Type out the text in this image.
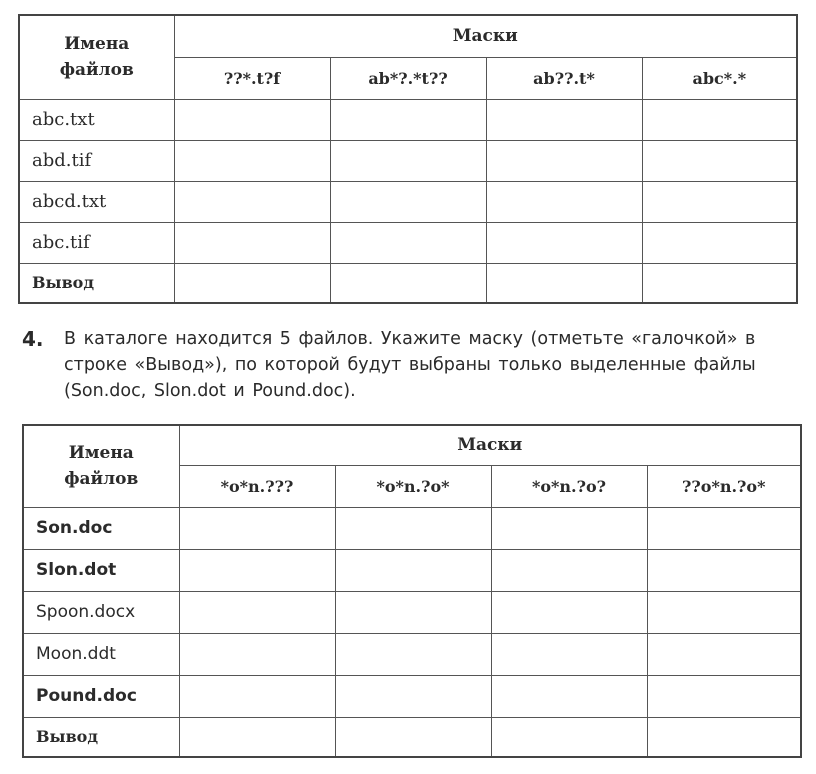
Имена
файлов	Маски			
	??*.t?f	ab*?.*t??	ab??.t*	abc*.*
abc.txt				
abd.tif				
abcd.txt				
abc.tif				
Вывод				
4. В каталоге находится 5 файлов. Укажите маску (отметьте «галочкой» в строке «Вывод»), по которой будут выбраны только выделенные файлы (Son.doc, Slon.dot и Pound.doc).
Имена
файлов	Маски			
	*o*n.???	*o*n.?o*	*o*n.?o?	??o*n.?o*
Son.doc				
Slon.dot				
Spoon.docx				
Moon.ddt				
Pound.doc				
Вывод				
